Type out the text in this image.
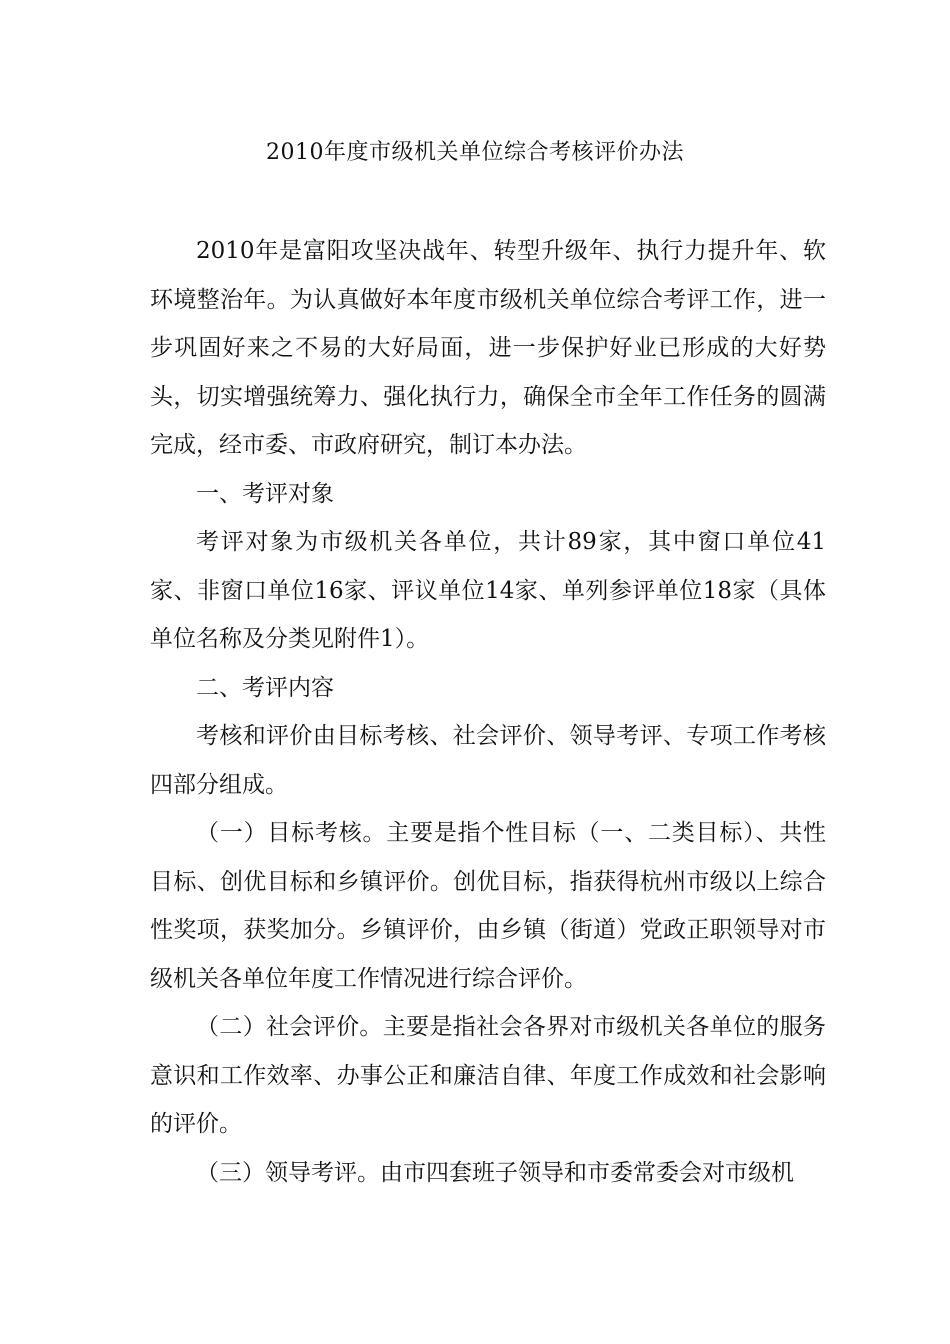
2010年度市级机关单位综合考核评价办法

2010年是富阳攻坚决战年、转型升级年、执行力提升年、软环境整治年。为认真做好本年度市级机关单位综合考评工作，进一步巩固好来之不易的大好局面，进一步保护好业已形成的大好势头，切实增强统筹力、强化执行力，确保全市全年工作任务的圆满完成，经市委、市政府研究，制订本办法。

一、考评对象

考评对象为市级机关各单位，共计89家，其中窗口单位41家、非窗口单位16家、评议单位14家、单列参评单位18家（具体单位名称及分类见附件1）。

二、考评内容

考核和评价由目标考核、社会评价、领导考评、专项工作考核四部分组成。

（一）目标考核。主要是指个性目标（一、二类目标）、共性目标、创优目标和乡镇评价。创优目标，指获得杭州市级以上综合性奖项，获奖加分。乡镇评价，由乡镇（街道）党政正职领导对市级机关各单位年度工作情况进行综合评价。

（二）社会评价。主要是指社会各界对市级机关各单位的服务意识和工作效率、办事公正和廉洁自律、年度工作成效和社会影响的评价。

（三）领导考评。由市四套班子领导和市委常委会对市级机
